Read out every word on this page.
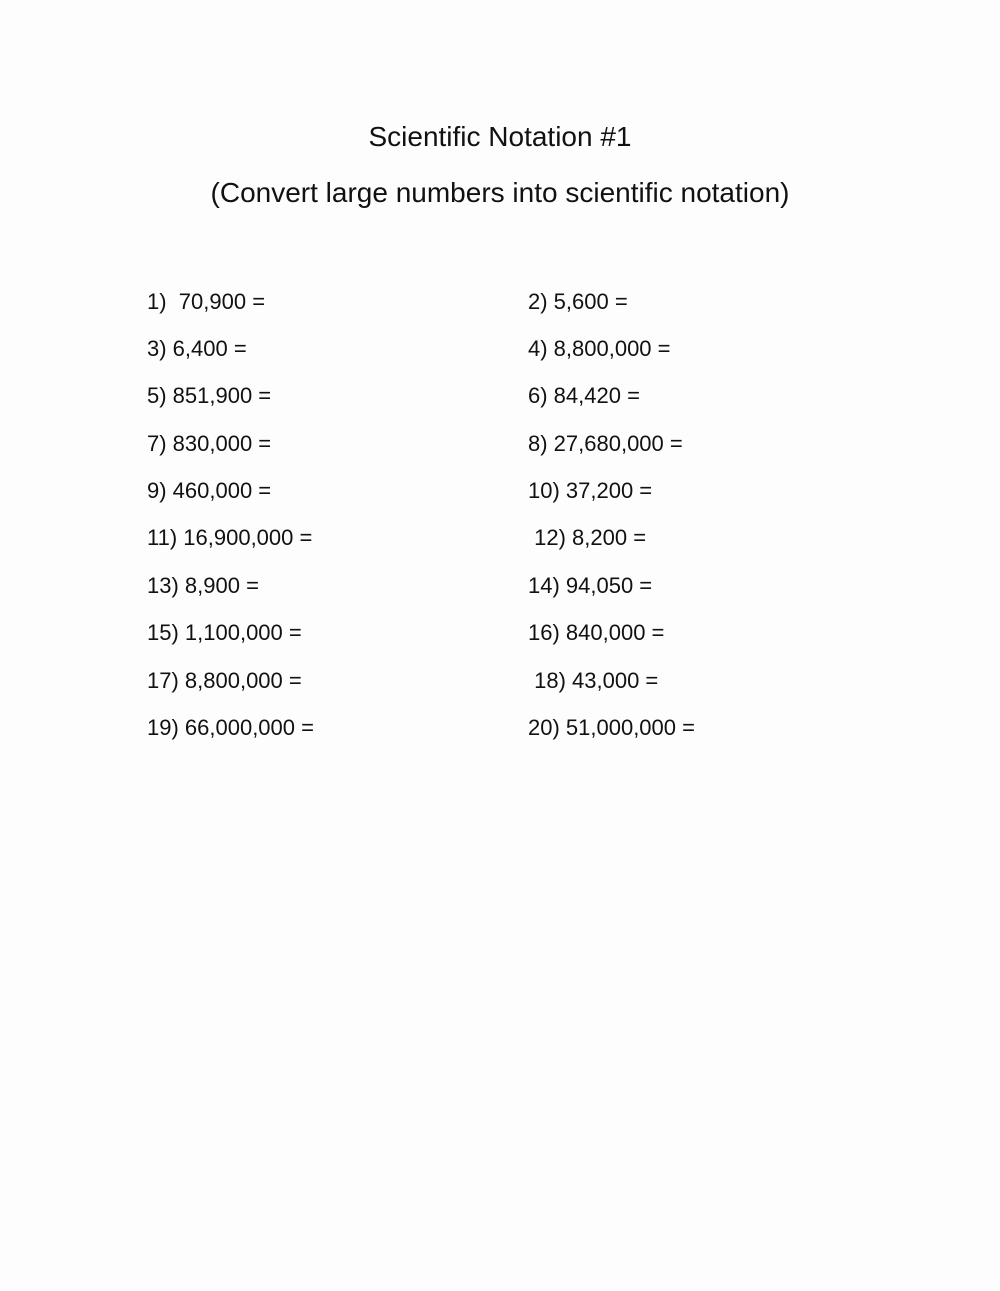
Scientific Notation #1
(Convert large numbers into scientific notation)
1)  70,900 =	2) 5,600 =
3) 6,400 =	4) 8,800,000 =
5) 851,900 =	6) 84,420 =
7) 830,000 =	8) 27,680,000 =
9) 460,000 =	10) 37,200 =
11) 16,900,000 =	12) 8,200 =
13) 8,900 =	14) 94,050 =
15) 1,100,000 =	16) 840,000 =
17) 8,800,000 =	18) 43,000 =
19) 66,000,000 =	20) 51,000,000 =
